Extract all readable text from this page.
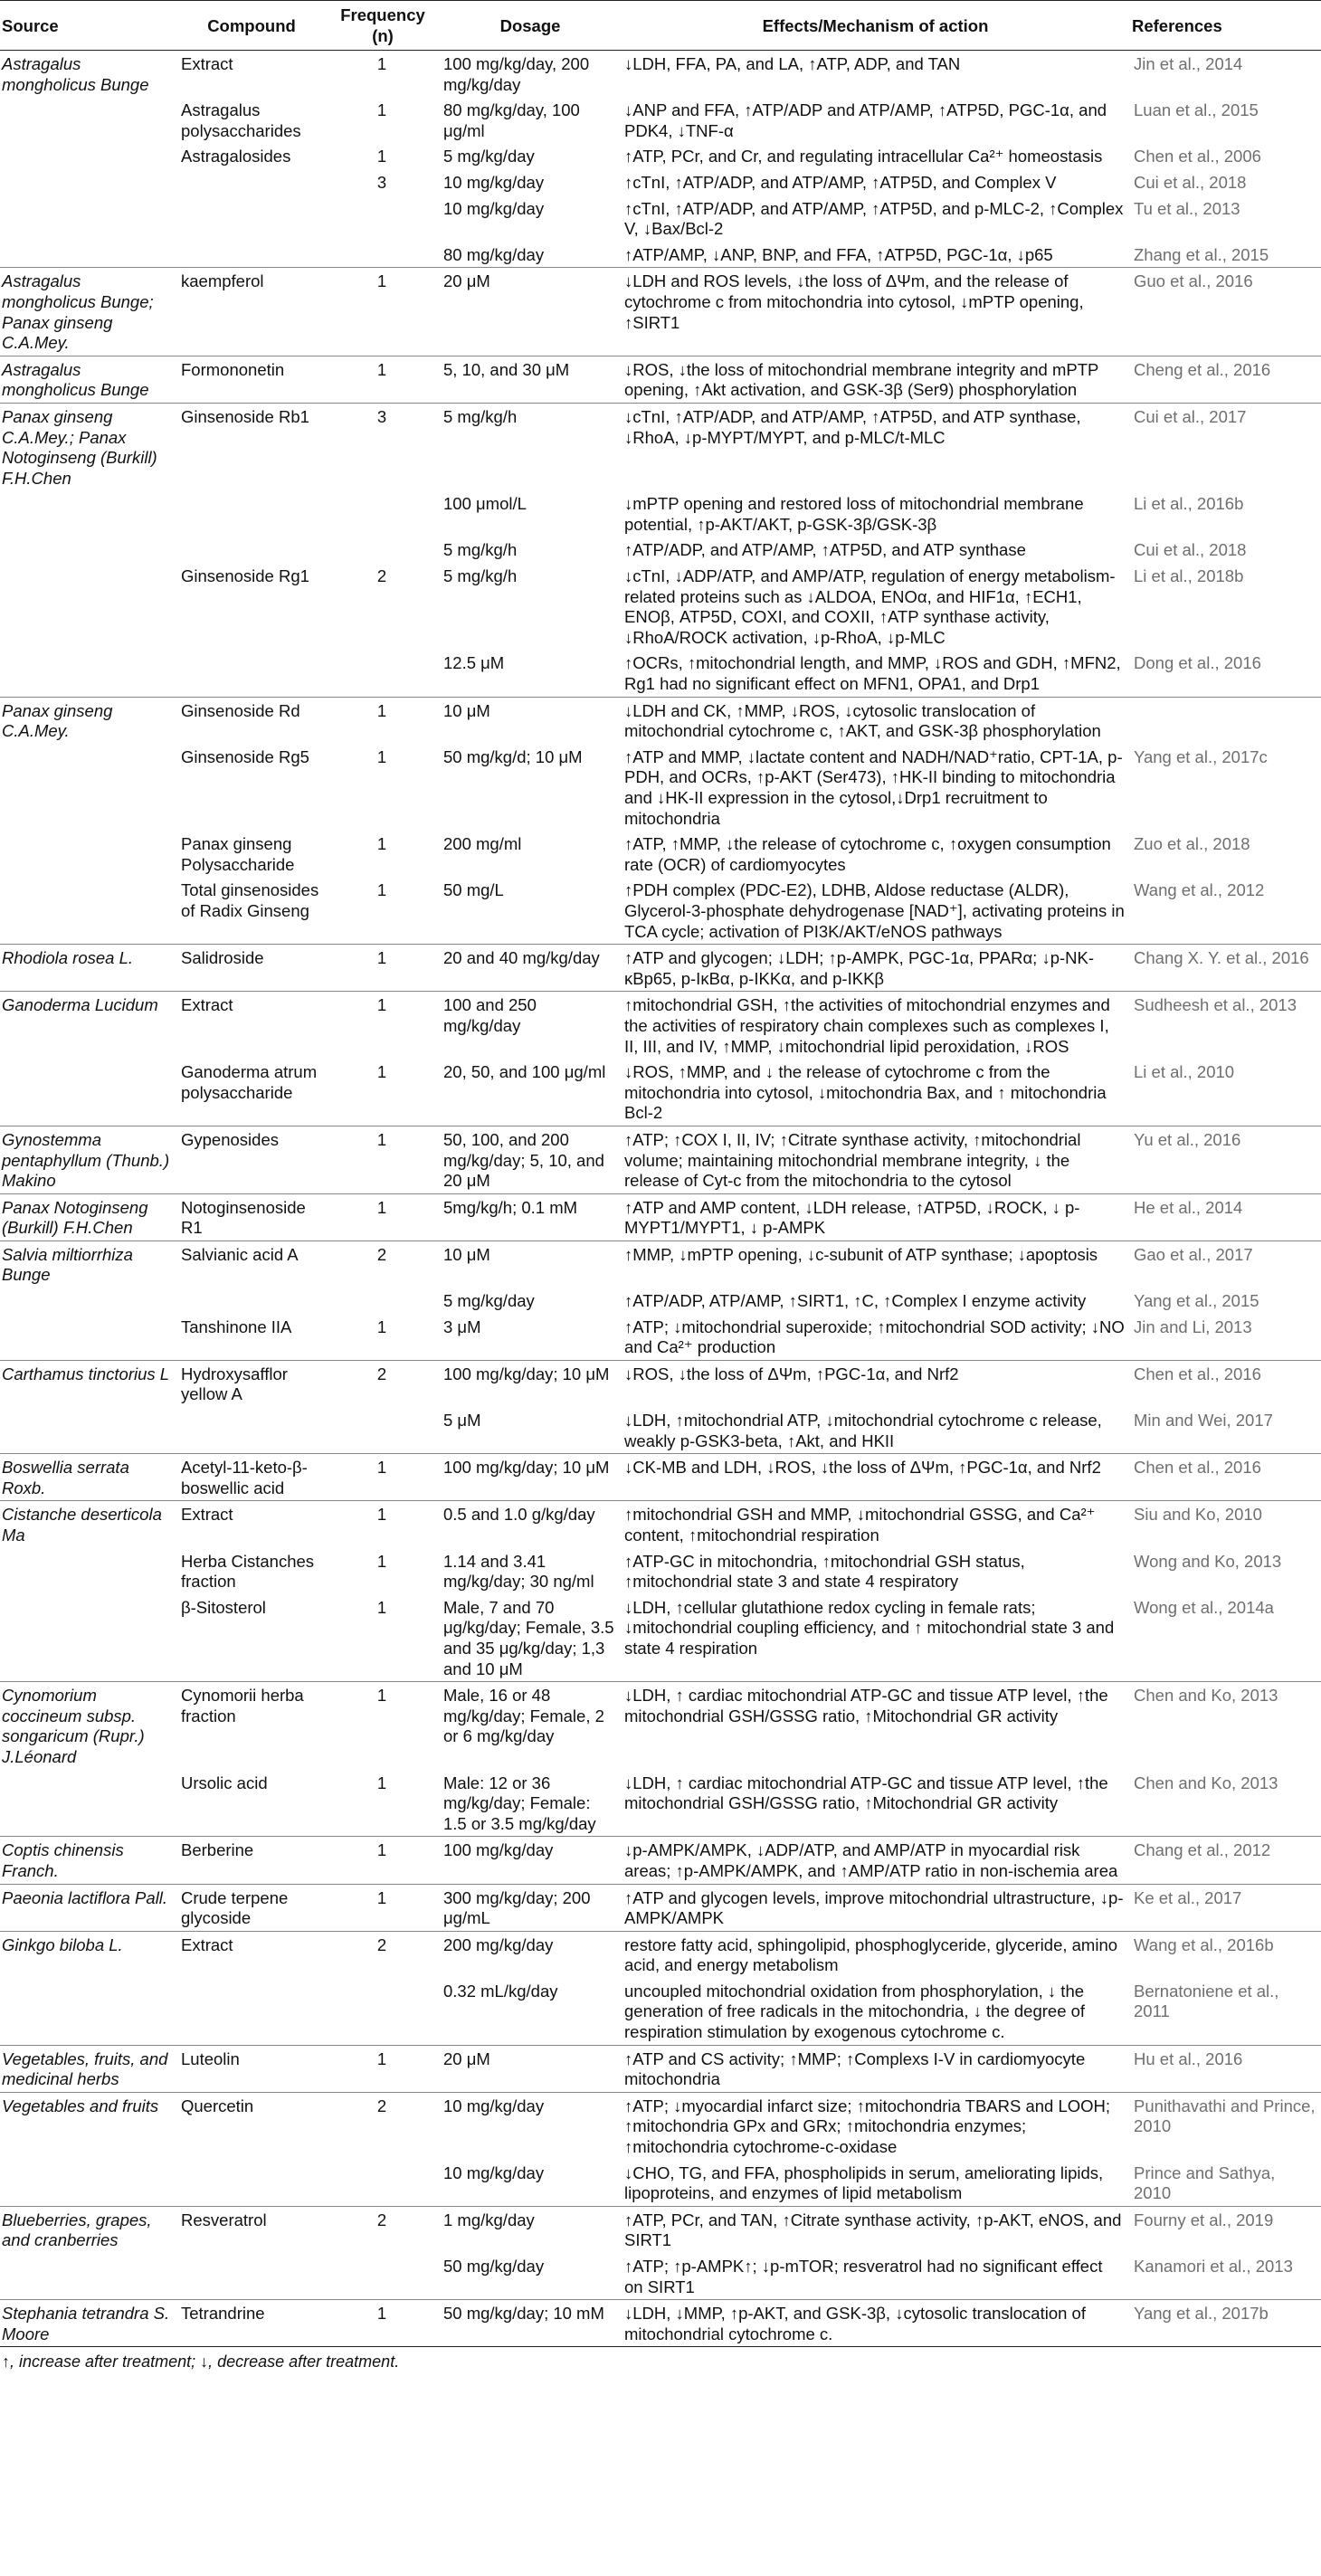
Source	Compound	Frequency (n)	Dosage	Effects/Mechanism of action	References
Astragalus mongholicus Bunge	Extract	1	100 mg/kg/day, 200 mg/kg/day	↓LDH, FFA, PA, and LA, ↑ATP, ADP, and TAN	Jin et al., 2014
	Astragalus polysaccharides	1	80 mg/kg/day, 100 μg/ml	↓ANP and FFA, ↑ATP/ADP and ATP/AMP, ↑ATP5D, PGC-1α, and PDK4, ↓TNF-α	Luan et al., 2015
	Astragalosides	1	5 mg/kg/day	↑ATP, PCr, and Cr, and regulating intracellular Ca²⁺ homeostasis	Chen et al., 2006
		3	10 mg/kg/day	↑cTnI, ↑ATP/ADP, and ATP/AMP, ↑ATP5D, and Complex V	Cui et al., 2018
			10 mg/kg/day	↑cTnI, ↑ATP/ADP, and ATP/AMP, ↑ATP5D, and p-MLC-2, ↑Complex V, ↓Bax/Bcl-2	Tu et al., 2013
			80 mg/kg/day	↑ATP/AMP, ↓ANP, BNP, and FFA, ↑ATP5D, PGC-1α, ↓p65	Zhang et al., 2015
Astragalus mongholicus Bunge; Panax ginseng C.A.Mey.	kaempferol	1	20 μM	↓LDH and ROS levels, ↓the loss of ΔΨm, and the release of cytochrome c from mitochondria into cytosol, ↓mPTP opening, ↑SIRT1	Guo et al., 2016
Astragalus mongholicus Bunge	Formononetin	1	5, 10, and 30 μM	↓ROS, ↓the loss of mitochondrial membrane integrity and mPTP opening, ↑Akt activation, and GSK-3β (Ser9) phosphorylation	Cheng et al., 2016
Panax ginseng C.A.Mey.; Panax Notoginseng (Burkill) F.H.Chen	Ginsenoside Rb1	3	5 mg/kg/h	↓cTnI, ↑ATP/ADP, and ATP/AMP, ↑ATP5D, and ATP synthase, ↓RhoA, ↓p-MYPT/MYPT, and p-MLC/t-MLC	Cui et al., 2017
			100 μmol/L	↓mPTP opening and restored loss of mitochondrial membrane potential, ↑p-AKT/AKT, p-GSK-3β/GSK-3β	Li et al., 2016b
			5 mg/kg/h	↑ATP/ADP, and ATP/AMP, ↑ATP5D, and ATP synthase	Cui et al., 2018
	Ginsenoside Rg1	2	5 mg/kg/h	↓cTnI, ↓ADP/ATP, and AMP/ATP, regulation of energy metabolism-related proteins such as ↓ALDOA, ENOα, and HIF1α, ↑ECH1, ENOβ, ATP5D, COXI, and COXII, ↑ATP synthase activity, ↓RhoA/ROCK activation, ↓p-RhoA, ↓p-MLC	Li et al., 2018b
			12.5 μM	↑OCRs, ↑mitochondrial length, and MMP, ↓ROS and GDH, ↑MFN2, Rg1 had no significant effect on MFN1, OPA1, and Drp1	Dong et al., 2016
Panax ginseng C.A.Mey.	Ginsenoside Rd	1	10 μM	↓LDH and CK, ↑MMP, ↓ROS, ↓cytosolic translocation of mitochondrial cytochrome c, ↑AKT, and GSK-3β phosphorylation	
	Ginsenoside Rg5	1	50 mg/kg/d; 10 μM	↑ATP and MMP, ↓lactate content and NADH/NAD⁺ratio, CPT-1A, p-PDH, and OCRs, ↑p-AKT (Ser473), ↑HK-II binding to mitochondria and ↓HK-II expression in the cytosol,↓Drp1 recruitment to mitochondria	Yang et al., 2017c
	Panax ginseng Polysaccharide	1	200 mg/ml	↑ATP, ↑MMP, ↓the release of cytochrome c, ↑oxygen consumption rate (OCR) of cardiomyocytes	Zuo et al., 2018
	Total ginsenosides of Radix Ginseng	1	50 mg/L	↑PDH complex (PDC-E2), LDHB, Aldose reductase (ALDR), Glycerol-3-phosphate dehydrogenase [NAD⁺], activating proteins in TCA cycle; activation of PI3K/AKT/eNOS pathways	Wang et al., 2012
Rhodiola rosea L.	Salidroside	1	20 and 40 mg/kg/day	↑ATP and glycogen; ↓LDH; ↑p-AMPK, PGC-1α, PPARα; ↓p-NK-κBp65, p-IκBα, p-IKKα, and p-IKKβ	Chang X. Y. et al., 2016
Ganoderma Lucidum	Extract	1	100 and 250 mg/kg/day	↑mitochondrial GSH, ↑the activities of mitochondrial enzymes and the activities of respiratory chain complexes such as complexes I, II, III, and IV, ↑MMP, ↓mitochondrial lipid peroxidation, ↓ROS	Sudheesh et al., 2013
	Ganoderma atrum polysaccharide	1	20, 50, and 100 μg/ml	↓ROS, ↑MMP, and ↓ the release of cytochrome c from the mitochondria into cytosol, ↓mitochondria Bax, and ↑ mitochondria Bcl-2	Li et al., 2010
Gynostemma pentaphyllum (Thunb.) Makino	Gypenosides	1	50, 100, and 200 mg/kg/day; 5, 10, and 20 μM	↑ATP; ↑COX I, II, IV; ↑Citrate synthase activity, ↑mitochondrial volume; maintaining mitochondrial membrane integrity, ↓ the release of Cyt-c from the mitochondria to the cytosol	Yu et al., 2016
Panax Notoginseng (Burkill) F.H.Chen	Notoginsenoside R1	1	5mg/kg/h; 0.1 mM	↑ATP and AMP content, ↓LDH release, ↑ATP5D, ↓ROCK, ↓ p-MYPT1/MYPT1, ↓ p-AMPK	He et al., 2014
Salvia miltiorrhiza Bunge	Salvianic acid A	2	10 μM	↑MMP, ↓mPTP opening, ↓c-subunit of ATP synthase; ↓apoptosis	Gao et al., 2017
			5 mg/kg/day	↑ATP/ADP, ATP/AMP, ↑SIRT1, ↑C, ↑Complex I enzyme activity	Yang et al., 2015
	Tanshinone IIA	1	3 μM	↑ATP; ↓mitochondrial superoxide; ↑mitochondrial SOD activity; ↓NO and Ca²⁺ production	Jin and Li, 2013
Carthamus tinctorius L	Hydroxysafflor yellow A	2	100 mg/kg/day; 10 μM	↓ROS, ↓the loss of ΔΨm, ↑PGC-1α, and Nrf2	Chen et al., 2016
			5 μM	↓LDH, ↑mitochondrial ATP, ↓mitochondrial cytochrome c release, weakly p-GSK3-beta, ↑Akt, and HKII	Min and Wei, 2017
Boswellia serrata Roxb.	Acetyl-11-keto-β-boswellic acid	1	100 mg/kg/day; 10 μM	↓CK-MB and LDH, ↓ROS, ↓the loss of ΔΨm, ↑PGC-1α, and Nrf2	Chen et al., 2016
Cistanche deserticola Ma	Extract	1	0.5 and 1.0 g/kg/day	↑mitochondrial GSH and MMP, ↓mitochondrial GSSG, and Ca²⁺ content, ↑mitochondrial respiration	Siu and Ko, 2010
	Herba Cistanches fraction	1	1.14 and 3.41 mg/kg/day; 30 ng/ml	↑ATP-GC in mitochondria, ↑mitochondrial GSH status, ↑mitochondrial state 3 and state 4 respiratory	Wong and Ko, 2013
	β-Sitosterol	1	Male, 7 and 70 μg/kg/day; Female, 3.5 and 35 μg/kg/day; 1,3 and 10 μM	↓LDH, ↑cellular glutathione redox cycling in female rats; ↓mitochondrial coupling efficiency, and ↑ mitochondrial state 3 and state 4 respiration	Wong et al., 2014a
Cynomorium coccineum subsp. songaricum (Rupr.) J.Léonard	Cynomorii herba fraction	1	Male, 16 or 48 mg/kg/day; Female, 2 or 6 mg/kg/day	↓LDH, ↑ cardiac mitochondrial ATP-GC and tissue ATP level, ↑the mitochondrial GSH/GSSG ratio, ↑Mitochondrial GR activity	Chen and Ko, 2013
	Ursolic acid	1	Male: 12 or 36 mg/kg/day; Female: 1.5 or 3.5 mg/kg/day	↓LDH, ↑ cardiac mitochondrial ATP-GC and tissue ATP level, ↑the mitochondrial GSH/GSSG ratio, ↑Mitochondrial GR activity	Chen and Ko, 2013
Coptis chinensis Franch.	Berberine	1	100 mg/kg/day	↓p-AMPK/AMPK, ↓ADP/ATP, and AMP/ATP in myocardial risk areas; ↑p-AMPK/AMPK, and ↑AMP/ATP ratio in non-ischemia area	Chang et al., 2012
Paeonia lactiflora Pall.	Crude terpene glycoside	1	300 mg/kg/day; 200 μg/mL	↑ATP and glycogen levels, improve mitochondrial ultrastructure, ↓p-AMPK/AMPK	Ke et al., 2017
Ginkgo biloba L.	Extract	2	200 mg/kg/day	restore fatty acid, sphingolipid, phosphoglyceride, glyceride, amino acid, and energy metabolism	Wang et al., 2016b
			0.32 mL/kg/day	uncoupled mitochondrial oxidation from phosphorylation, ↓ the generation of free radicals in the mitochondria, ↓ the degree of respiration stimulation by exogenous cytochrome c.	Bernatoniene et al., 2011
Vegetables, fruits, and medicinal herbs	Luteolin	1	20 μM	↑ATP and CS activity; ↑MMP; ↑Complexs I-V in cardiomyocyte mitochondria	Hu et al., 2016
Vegetables and fruits	Quercetin	2	10 mg/kg/day	↑ATP; ↓myocardial infarct size; ↑mitochondria TBARS and LOOH; ↑mitochondria GPx and GRx; ↑mitochondria enzymes; ↑mitochondria cytochrome-c-oxidase	Punithavathi and Prince, 2010
			10 mg/kg/day	↓CHO, TG, and FFA, phospholipids in serum, ameliorating lipids, lipoproteins, and enzymes of lipid metabolism	Prince and Sathya, 2010
Blueberries, grapes, and cranberries	Resveratrol	2	1 mg/kg/day	↑ATP, PCr, and TAN, ↑Citrate synthase activity, ↑p-AKT, eNOS, and SIRT1	Fourny et al., 2019
			50 mg/kg/day	↑ATP; ↑p-AMPK↑; ↓p-mTOR; resveratrol had no significant effect on SIRT1	Kanamori et al., 2013
Stephania tetrandra S. Moore	Tetrandrine	1	50 mg/kg/day; 10 mM	↓LDH, ↓MMP, ↑p-AKT, and GSK-3β, ↓cytosolic translocation of mitochondrial cytochrome c.	Yang et al., 2017b
↑, increase after treatment; ↓, decrease after treatment.
